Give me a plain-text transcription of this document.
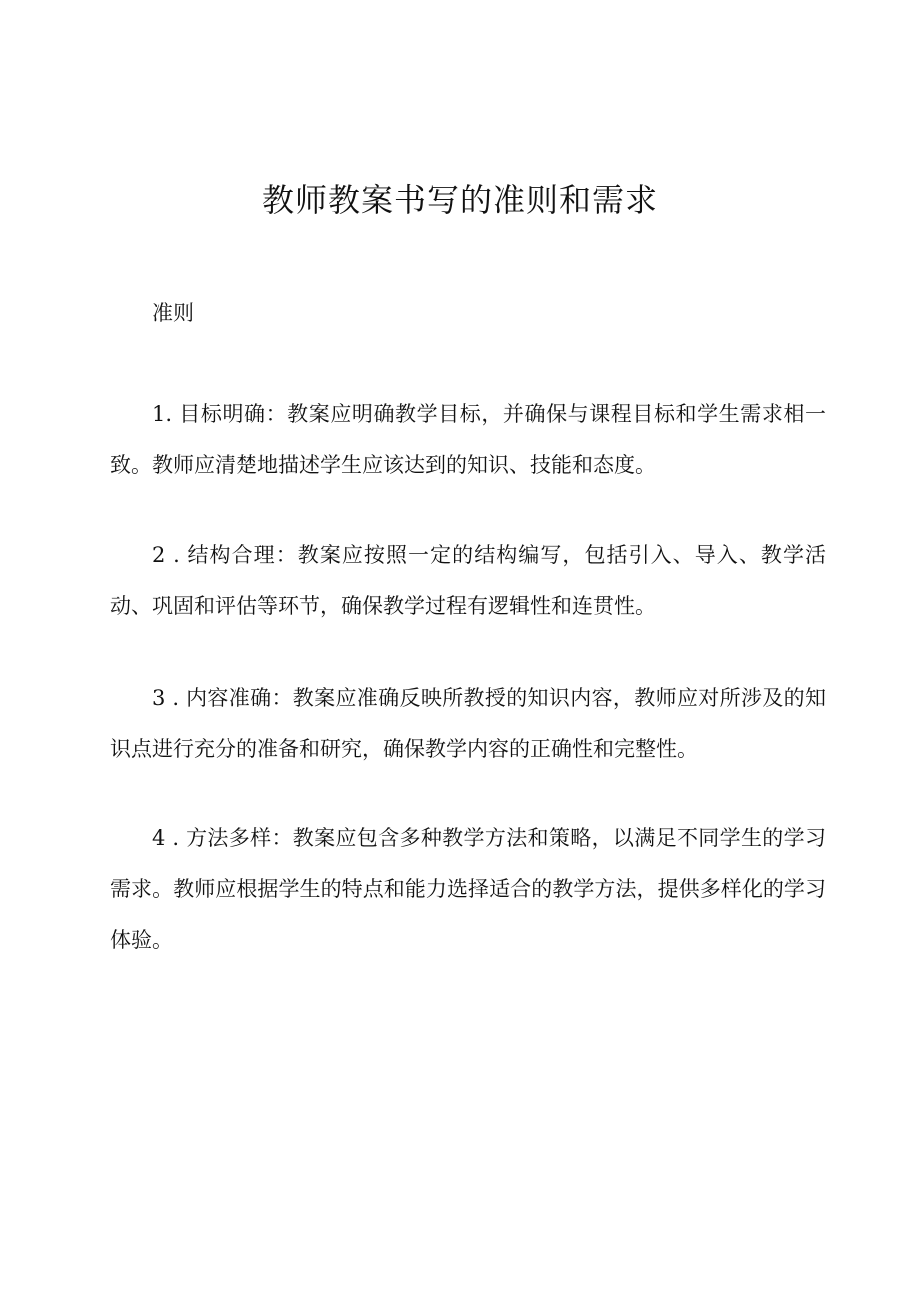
教师教案书写的准则和需求
准则

1. 目标明确：教案应明确教学目标，并确保与课程目标和学生需求相一致。教师应清楚地描述学生应该达到的知识、技能和态度。

2 . 结构合理：教案应按照一定的结构编写，包括引入、导入、教学活动、巩固和评估等环节，确保教学过程有逻辑性和连贯性。

3 . 内容准确：教案应准确反映所教授的知识内容，教师应对所涉及的知识点进行充分的准备和研究，确保教学内容的正确性和完整性。

4 . 方法多样：教案应包含多种教学方法和策略，以满足不同学生的学习需求。教师应根据学生的特点和能力选择适合的教学方法，提供多样化的学习体验。
